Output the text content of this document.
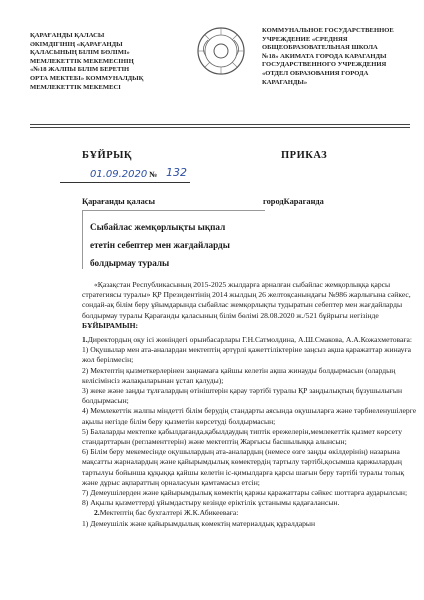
ҚАРАҒАНДЫ ҚАЛАСЫ
ӘКІМДІГІНІҢ «ҚАРАҒАНДЫ
ҚАЛАСЫНЫҢ БІЛІМ БӨЛІМІ»
МЕМЛЕКЕТТІК МЕКЕМЕСІНІҢ
«№18 ЖАЛПЫ БІЛІМ БЕРЕТІН
ОРТА МЕКТЕБІ» КОММУНАЛДЫҚ
МЕМЛЕКЕТТІК МЕКЕМЕСІ
КОММУНАЛЬНОЕ ГОСУДАРСТВЕННОЕ
УЧРЕЖДЕНИЕ «СРЕДНЯЯ
ОБЩЕОБРАЗОВАТЕЛЬНАЯ ШКОЛА
№18» АКИМАТА ГОРОДА КАРАГАНДЫ
ГОСУДАРСТВЕННОГО УЧРЕЖДЕНИЯ
«ОТДЕЛ ОБРАЗОВАНИЯ ГОРОДА
КАРАГАНДЫ»
БҰЙРЫҚ	ПРИКАЗ
01.09.2020 № 132
Қарағанды қаласы	городКараганда
Сыбайлас жемқорлықты ықпал
ететін себептер мен жағдайларды
болдырмау туралы

«Қазақстан Республикасының 2015-2025 жылдарға арналған сыбайлас жемқорлыққа қарсы стратегиясы туралы» ҚР Президентінің 2014 жылдың 26 желтоқсанындағы №986 жарлығына сәйкес, сондай-ақ білім беру ұйымдарында сыбайлас жемқорлықты тудыратын себептер мен жағдайларды болдырмау туралы Қарағанды қаласының білім бөлімі 28.08.2020 ж./521 бұйрығы негізінде БҰЙЫРАМЫН:

1.Директордың оқу ісі жөніндегі орынбасарлары Г.Н.Сатмолдина, А.Ш.Смакова, А.А.Кожахметоваға:

1) Оқушылар мен ата-аналардан мектептің әртүрлі қажеттіліктеріне заңсыз ақша қаражаттар жинауға жол берілмесін;

2) Мектептің қызметкерлерінен заңнамаға қайшы келетін ақша жинауды болдырмасын (олардың келісімінсіз жалақыларынан ұстап қалуды);

3) жеке және заңды тұлғалардың өтініштерін қарау тәртібі туралы ҚР заңдылықтың бұзушылығын болдырмасын;

4) Мемлекеттік жалпы міндетті білім берудің стандарты аясында оқушыларға және тәрбиеленушілерге ақылы негізде білім беру қызметін көрсетуді болдырмасын;

5) Балаларды мектепке қабылдағанда,қабылдаудың типтік ережелерін,мемлекеттік қызмет көрсету стандарттарын (регламенттерін) және мектептің Жарғысы басшылыққа алынсын;

6) Білім беру мекемесінде оқушылардың ата-аналардың (немесе өзге заңды өкілдерінің) назарына мақсатты жарналардың және қайырымдылық көмектердің тартылу тәртібі,қосымша қаржылардың тартылуы бойынша құқыққа қайшы келетін іс-қимылдарға қарсы шағын беру тәртібі туралы толық және дұрыс ақпараттың орналасуын қамтамасыз етсін;

7) Демеушілерден және қайырымдылық көмектің қаржы қаражаттары сәйкес шоттарға аударылсын;

8) Ақылы қызметтерді ұйымдастыру кезінде еріктілік ұстанымы қадағалансын.

2.Мектептің бас бухгалтері Ж.К.Абикееваға:

1) Демеушілік және қайырымдылық көмектің материалдық құралдарын
